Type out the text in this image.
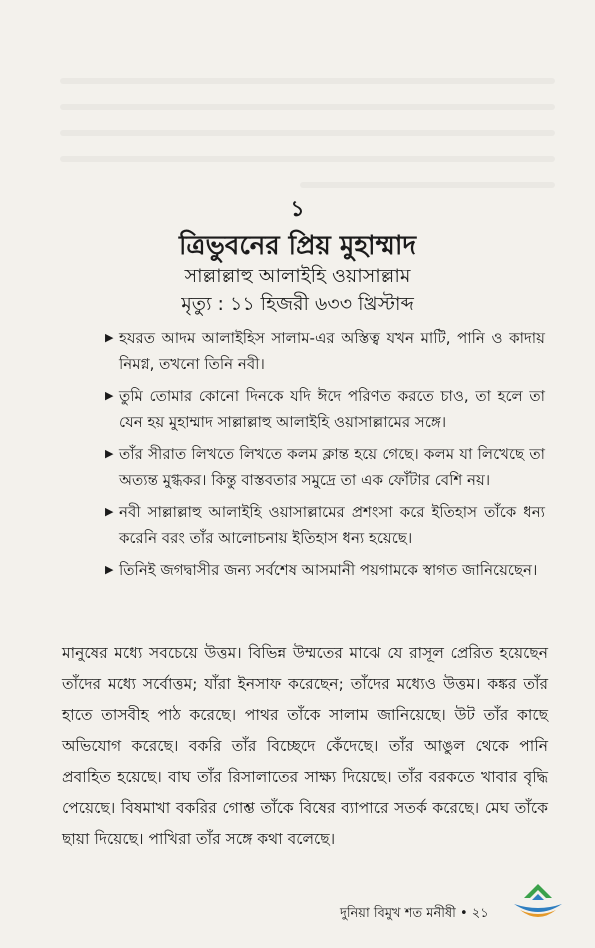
১
ত্রিভুবনের প্রিয় মুহাম্মাদ
সাল্লাল্লাহু আলাইহি ওয়াসাল্লাম
মৃত্যু : ১১ হিজরী ৬৩৩ খ্রিস্টাব্দ
▶ হযরত আদম আলাইহিস সালাম-এর অস্তিত্ব যখন মাটি, পানি ও কাদায় নিমগ্ন, তখনো তিনি নবী।
▶ তুমি তোমার কোনো দিনকে যদি ঈদে পরিণত করতে চাও, তা হলে তা যেন হয় মুহাম্মাদ সাল্লাল্লাহু আলাইহি ওয়াসাল্লামের সঙ্গে।
▶ তাঁর সীরাত লিখতে লিখতে কলম ক্লান্ত হয়ে গেছে। কলম যা লিখেছে তা অত্যন্ত মুগ্ধকর। কিন্তু বাস্তবতার সমুদ্রে তা এক ফোঁটার বেশি নয়।
▶ নবী সাল্লাল্লাহু আলাইহি ওয়াসাল্লামের প্রশংসা করে ইতিহাস তাঁকে ধন্য করেনি বরং তাঁর আলোচনায় ইতিহাস ধন্য হয়েছে।
▶ তিনিই জগদ্বাসীর জন্য সর্বশেষ আসমানী পয়গামকে স্বাগত জানিয়েছেন।
মানুষের মধ্যে সবচেয়ে উত্তম। বিভিন্ন উম্মতের মাঝে যে রাসূল প্রেরিত হয়েছেন তাঁদের মধ্যে সর্বোত্তম; যাঁরা ইনসাফ করেছেন; তাঁদের মধ্যেও উত্তম। কঙ্কর তাঁর হাতে তাসবীহ পাঠ করেছে। পাথর তাঁকে সালাম জানিয়েছে। উট তাঁর কাছে অভিযোগ করেছে। বকরি তাঁর বিচ্ছেদে কেঁদেছে। তাঁর আঙুল থেকে পানি প্রবাহিত হয়েছে। বাঘ তাঁর রিসালাতের সাক্ষ্য দিয়েছে। তাঁর বরকতে খাবার বৃদ্ধি পেয়েছে। বিষমাখা বকরির গোশ্ত তাঁকে বিষের ব্যাপারে সতর্ক করেছে। মেঘ তাঁকে ছায়া দিয়েছে। পাখিরা তাঁর সঙ্গে কথা বলেছে।
দুনিয়া বিমুখ শত মনীষী • ২১
